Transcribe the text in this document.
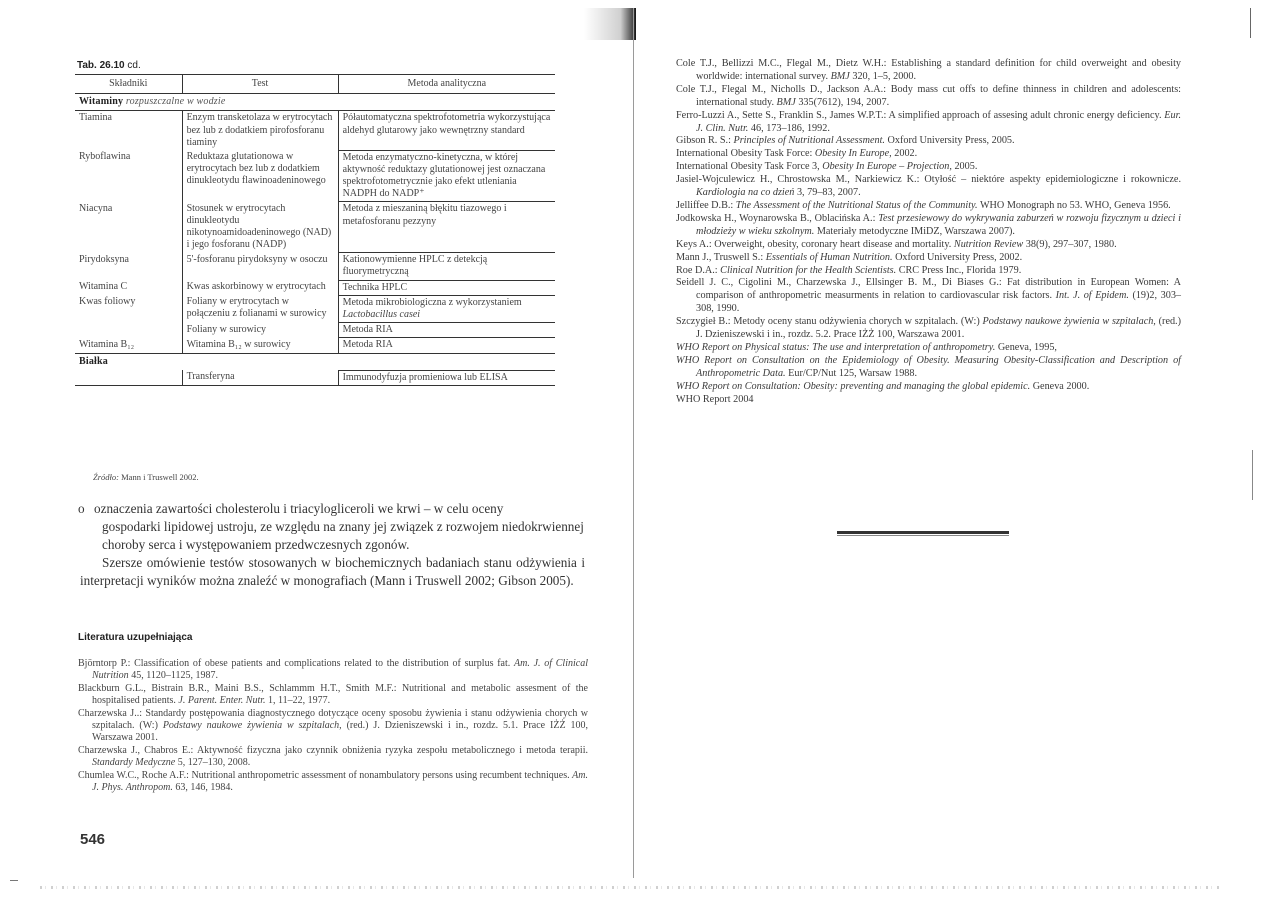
Tab. 26.10 cd.
Składniki	Test	Metoda analityczna
Witaminy rozpuszczalne w wodzie		
Tiamina	Enzym transketolaza w erytrocytach bez lub z dodatkiem pirofosforanu tiaminy	Półautomatyczna spektrofotometria wykorzystująca aldehyd glutarowy jako wewnętrzny standard
Ryboflawina	Reduktaza glutationowa w erytrocytach bez lub z dodatkiem dinukleotydu flawinoadeninowego	Metoda enzymatyczno-kinetyczna, w której aktywność reduktazy glutationowej jest oznaczana spektrofotometrycznie jako efekt utleniania NADPH do NADP⁺
Niacyna	Stosunek w erytrocytach dinukleotydu nikotynoamidoadeninowego (NAD) i jego fosforanu (NADP)	Metoda z mieszaniną błękitu tiazowego i metafosforanu pezzyny
Pirydoksyna	5'-fosforanu pirydoksyny w osoczu	Kationowymienne HPLC z detekcją fluorymetryczną
Witamina C	Kwas askorbinowy w erytrocytach	Technika HPLC
Kwas foliowy	Foliany w erytrocytach w połączeniu z folianami w surowicy	Metoda mikrobiologiczna z wykorzystaniem Lactobacillus casei
	Foliany w surowicy	Metoda RIA
Witamina B₁₂	Witamina B₁₂ w surowicy	Metoda RIA
Białka		
	Transferyna	Immunodyfuzja promieniowa lub ELISA
Źródło: Mann i Truswell 2002.
o oznaczenia zawartości cholesterolu i triacylogliceroli we krwi – w celu oceny
gospodarki lipidowej ustroju, ze względu na znany jej związek z rozwojem niedokrwiennej choroby serca i występowaniem przedwczesnych zgonów.
Szersze omówienie testów stosowanych w biochemicznych badaniach stanu odżywienia i interpretacji wyników można znaleźć w monografiach (Mann i Truswell 2002; Gibson 2005).
Literatura uzupełniająca
Björntorp P.: Classification of obese patients and complications related to the distribution of surplus fat. Am. J. of Clinical Nutrition 45, 1120–1125, 1987.
Blackburn G.L., Bistrain B.R., Maini B.S., Schlammm H.T., Smith M.F.: Nutritional and metabolic assesment of the hospitalised patients. J. Parent. Enter. Nutr. 1, 11–22, 1977.
Charzewska J..: Standardy postępowania diagnostycznego dotyczące oceny sposobu żywienia i stanu odżywienia chorych w szpitalach. (W:) Podstawy naukowe żywienia w szpitalach, (red.) J. Dzieniszewski i in., rozdz. 5.1. Prace IŻŻ 100, Warszawa 2001.
Charzewska J., Chabros E.: Aktywność fizyczna jako czynnik obniżenia ryzyka zespołu metabolicznego i metoda terapii. Standardy Medyczne 5, 127–130, 2008.
Chumlea W.C., Roche A.F.: Nutritional anthropometric assessment of nonambulatory persons using recumbent techniques. Am. J. Phys. Anthropom. 63, 146, 1984.
546
Cole T.J., Bellizzi M.C., Flegal M., Dietz W.H.: Establishing a standard definition for child overweight and obesity worldwide: international survey. BMJ 320, 1–5, 2000.
Cole T.J., Flegal M., Nicholls D., Jackson A.A.: Body mass cut offs to define thinness in children and adolescents: international study. BMJ 335(7612), 194, 2007.
Ferro-Luzzi A., Sette S., Franklin S., James W.P.T.: A simplified approach of assesing adult chronic energy deficiency. Eur. J. Clin. Nutr. 46, 173–186, 1992.
Gibson R. S.: Principles of Nutritional Assessment. Oxford University Press, 2005.
International Obesity Task Force: Obesity In Europe, 2002.
International Obesity Task Force 3, Obesity In Europe – Projection, 2005.
Jasiel-Wojculewicz H., Chrostowska M., Narkiewicz K.: Otyłość – niektóre aspekty epidemiologiczne i rokownicze. Kardiologia na co dzień 3, 79–83, 2007.
Jelliffee D.B.: The Assessment of the Nutritional Status of the Community. WHO Monograph no 53. WHO, Geneva 1956.
Jodkowska H., Woynarowska B., Oblacińska A.: Test przesiewowy do wykrywania zaburzeń w rozwoju fizycznym u dzieci i młodzieży w wieku szkolnym. Materiały metodyczne IMiDZ, Warszawa 2007).
Keys A.: Overweight, obesity, coronary heart disease and mortality. Nutrition Review 38(9), 297–307, 1980.
Mann J., Truswell S.: Essentials of Human Nutrition. Oxford University Press, 2002.
Roe D.A.: Clinical Nutrition for the Health Scientists. CRC Press Inc., Florida 1979.
Seidell J. C., Cigolini M., Charzewska J., Ellsinger B. M., Di Biases G.: Fat distribution in European Women: A comparison of anthropometric measurments in relation to cardiovascular risk factors. Int. J. of Epidem. (19)2, 303–308, 1990.
Szczygieł B.: Metody oceny stanu odżywienia chorych w szpitalach. (W:) Podstawy naukowe żywienia w szpitalach, (red.) J. Dzieniszewski i in., rozdz. 5.2. Prace IŻŻ 100, Warszawa 2001.
WHO Report on Physical status: The use and interpretation of anthropometry. Geneva, 1995,
WHO Report on Consultation on the Epidemiology of Obesity. Measuring Obesity-Classification and Description of Anthropometric Data. Eur/CP/Nut 125, Warsaw 1988.
WHO Report on Consultation: Obesity: preventing and managing the global epidemic. Geneva 2000.
WHO Report 2004
